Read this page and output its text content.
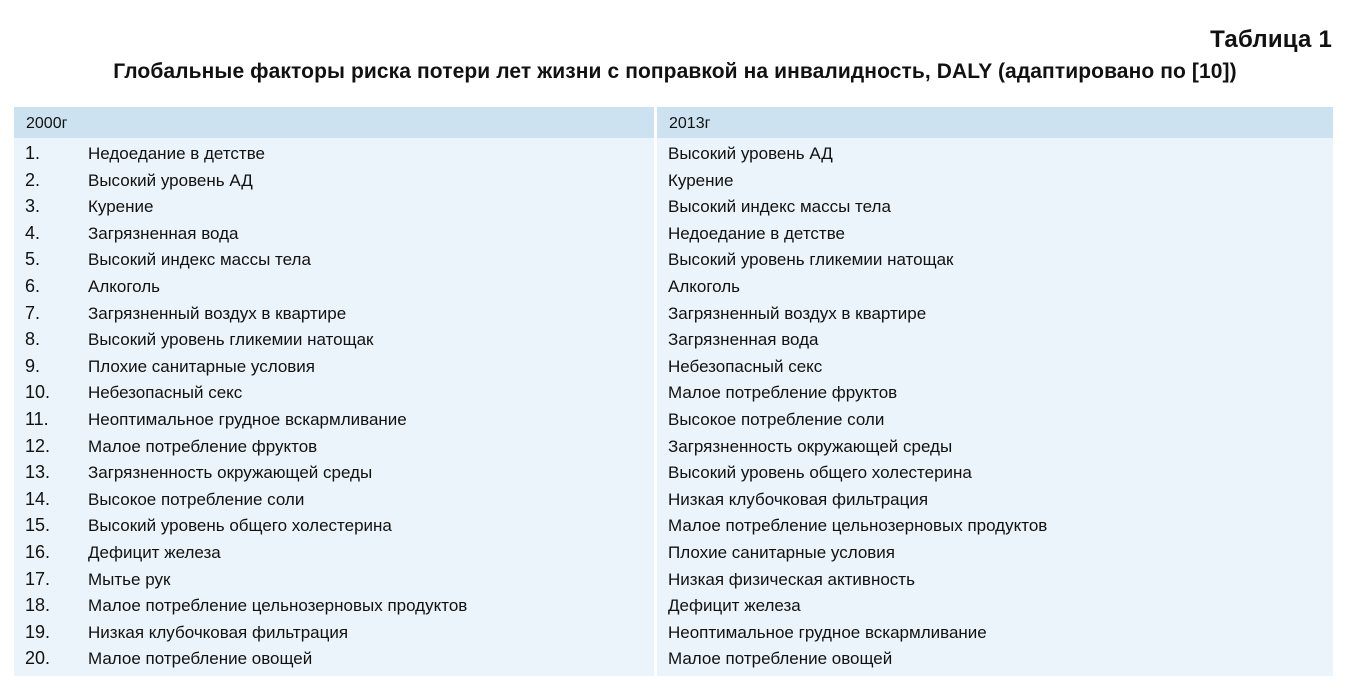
Таблица 1
Глобальные факторы риска потери лет жизни с поправкой на инвалидность, DALY (адаптировано по [10])
2000г	2013г
1.	Недоедание в детстве	Высокий уровень АД
2.	Высокий уровень АД	Курение
3.	Курение	Высокий индекс массы тела
4.	Загрязненная вода	Недоедание в детстве
5.	Высокий индекс массы тела	Высокий уровень гликемии натощак
6.	Алкоголь	Алкоголь
7.	Загрязненный воздух в квартире	Загрязненный воздух в квартире
8.	Высокий уровень гликемии натощак	Загрязненная вода
9.	Плохие санитарные условия	Небезопасный секс
10. Небезопасный секс	Малое потребление фруктов
11. Неоптимальное грудное вскармливание	Высокое потребление соли
12. Малое потребление фруктов	Загрязненность окружающей среды
13. Загрязненность окружающей среды	Высокий уровень общего холестерина
14. Высокое потребление соли	Низкая клубочковая фильтрация
15. Высокий уровень общего холестерина	Малое потребление цельнозерновых продуктов
16. Дефицит железа	Плохие санитарные условия
17. Мытье рук	Низкая физическая активность
18. Малое потребление цельнозерновых продуктов	Дефицит железа
19. Низкая клубочковая фильтрация	Неоптимальное грудное вскармливание
20. Малое потребление овощей	Малое потребление овощей
